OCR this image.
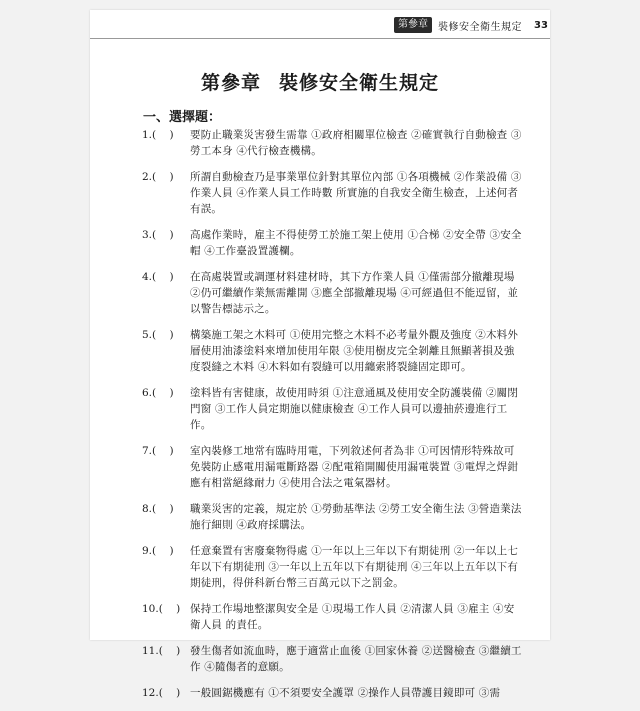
第參章 裝修安全衛生規定 33
第參章 裝修安全衛生規定
一、選擇題：
1.(    )	要防止職業災害發生需靠 ①政府相關單位檢查 ②確實執行自動檢查 ③勞工本身 ④代行檢查機構。
2.(    )	所謂自動檢查乃是事業單位針對其單位內部 ①各項機械 ②作業設備 ③作業人員 ④作業人員工作時數 所實施的自我安全衛生檢查，上述何者有誤。
3.(    )	高處作業時，雇主不得使勞工於施工架上使用 ①合梯 ②安全帶 ③安全帽 ④工作臺設置護欄。
4.(    )	在高處裝置或調運材料建材時，其下方作業人員 ①僅需部分撤離現場 ②仍可繼續作業無需離開 ③應全部撤離現場 ④可經過但不能逗留，並以警告標誌示之。
5.(    )	構築施工架之木料可 ①使用完整之木料不必考量外觀及強度 ②木料外層使用油漆塗料來增加使用年限 ③使用樹皮完全剝離且無顯著損及強度裂縫之木料 ④木料如有裂縫可以用纏索將裂縫固定即可。
6.(    )	塗料皆有害健康，故使用時須 ①注意通風及使用安全防護裝備 ②關閉門窗 ③工作人員定期施以健康檢查 ④工作人員可以邊抽菸邊進行工作。
7.(    )	室內裝修工地常有臨時用電，下列敘述何者為非 ①可因情形特殊故可免裝防止感電用漏電斷路器 ②配電箱開關使用漏電裝置 ③電焊之焊鉗應有相當絕緣耐力 ④使用合法之電氣器材。
8.(    )	職業災害的定義，規定於 ①勞動基準法 ②勞工安全衛生法 ③營造業法施行細則 ④政府採購法。
9.(    )	任意棄置有害廢棄物得處 ①一年以上三年以下有期徒刑 ②一年以上七年以下有期徒刑 ③一年以上五年以下有期徒刑 ④三年以上五年以下有期徒刑，得併科新台幣三百萬元以下之罰金。
10.(    ) 保持工作場地整潔與安全是 ①現場工作人員 ②清潔人員 ③雇主 ④安衛人員 的責任。
11.(    ) 發生傷者如流血時，應于適當止血後 ①回家休養 ②送醫檢查 ③繼續工作 ④隨傷者的意願。
12.(    ) 一般圓鋸機應有 ①不須要安全護罩 ②操作人員帶護目鏡即可 ③需
